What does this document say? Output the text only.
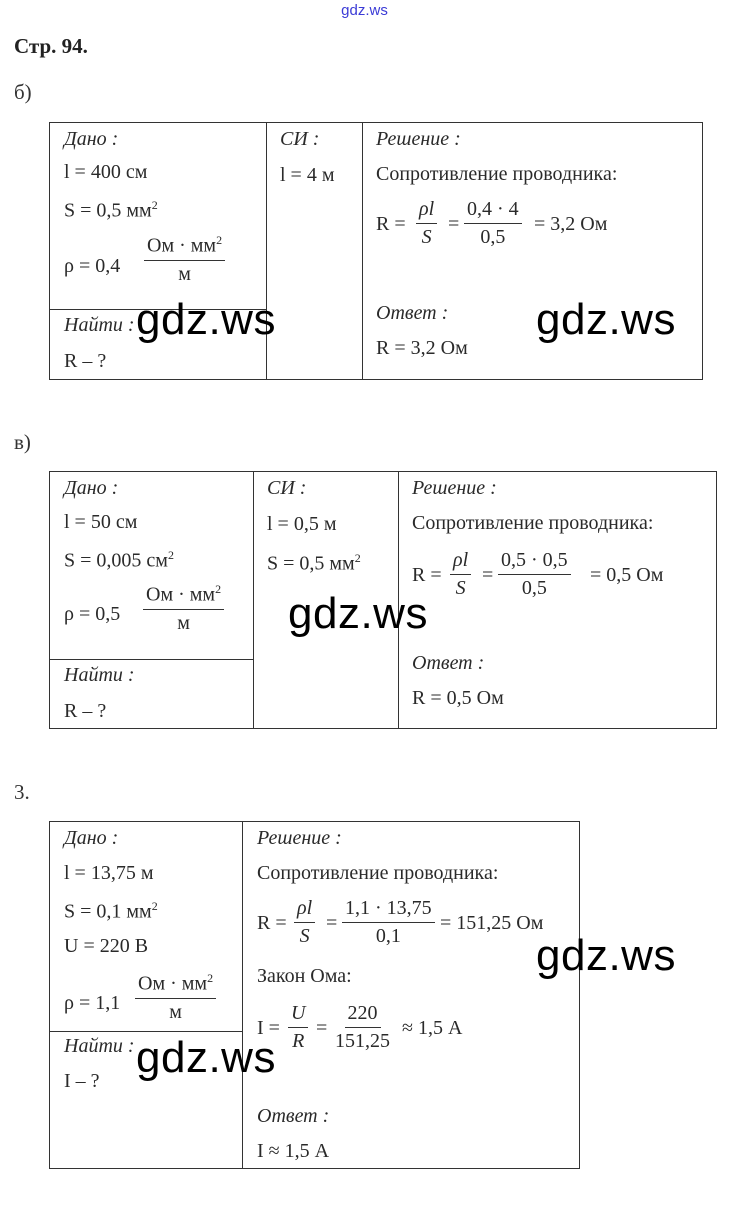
gdz.ws
Стр. 94.
б)
Дано :
l = 400 см
S = 0,5 $мм^2$
ρ = 0,4
Ом · $мм^2$
м
Найти :
R – ?
СИ :
l = 4 м
Решение :
Сопротивление проводника:
$R = \frac{\rho l}{S} = \frac{0,4 \cdot 4}{0,5} = 3,2$ Ом
Ответ :
R = 3,2 Ом
в)
Дано :
l = 50 см
S = 0,005 $см^2$
ρ = 0,5
Ом · $мм^2$
м
Найти :
R – ?
СИ :
l = 0,5 м
S = 0,5 $мм^2$
Решение :
Сопротивление проводника:
$R = \frac{\rho l}{S} = \frac{0,5 \cdot 0,5}{0,5} = 0,5$ Ом
Ответ :
R = 0,5 Ом
3.
Дано :
l = 13,75 м
S = 0,1 $мм^2$
U = 220 В
ρ = 1,1
Ом · $мм^2$
м
Найти :
I – ?
Решение :
Сопротивление проводника:
$R = \frac{\rho l}{S} = \frac{1,1 \cdot 13,75}{0,1} = 151,25$ Ом
Закон Ома:
$I = \frac{U}{R} = \frac{220}{151,25} \approx 1,5$ А
Ответ :
I ≈ 1,5 А
gdz.ws	gdz.ws
gdz.ws
gdz.ws
gdz.ws
